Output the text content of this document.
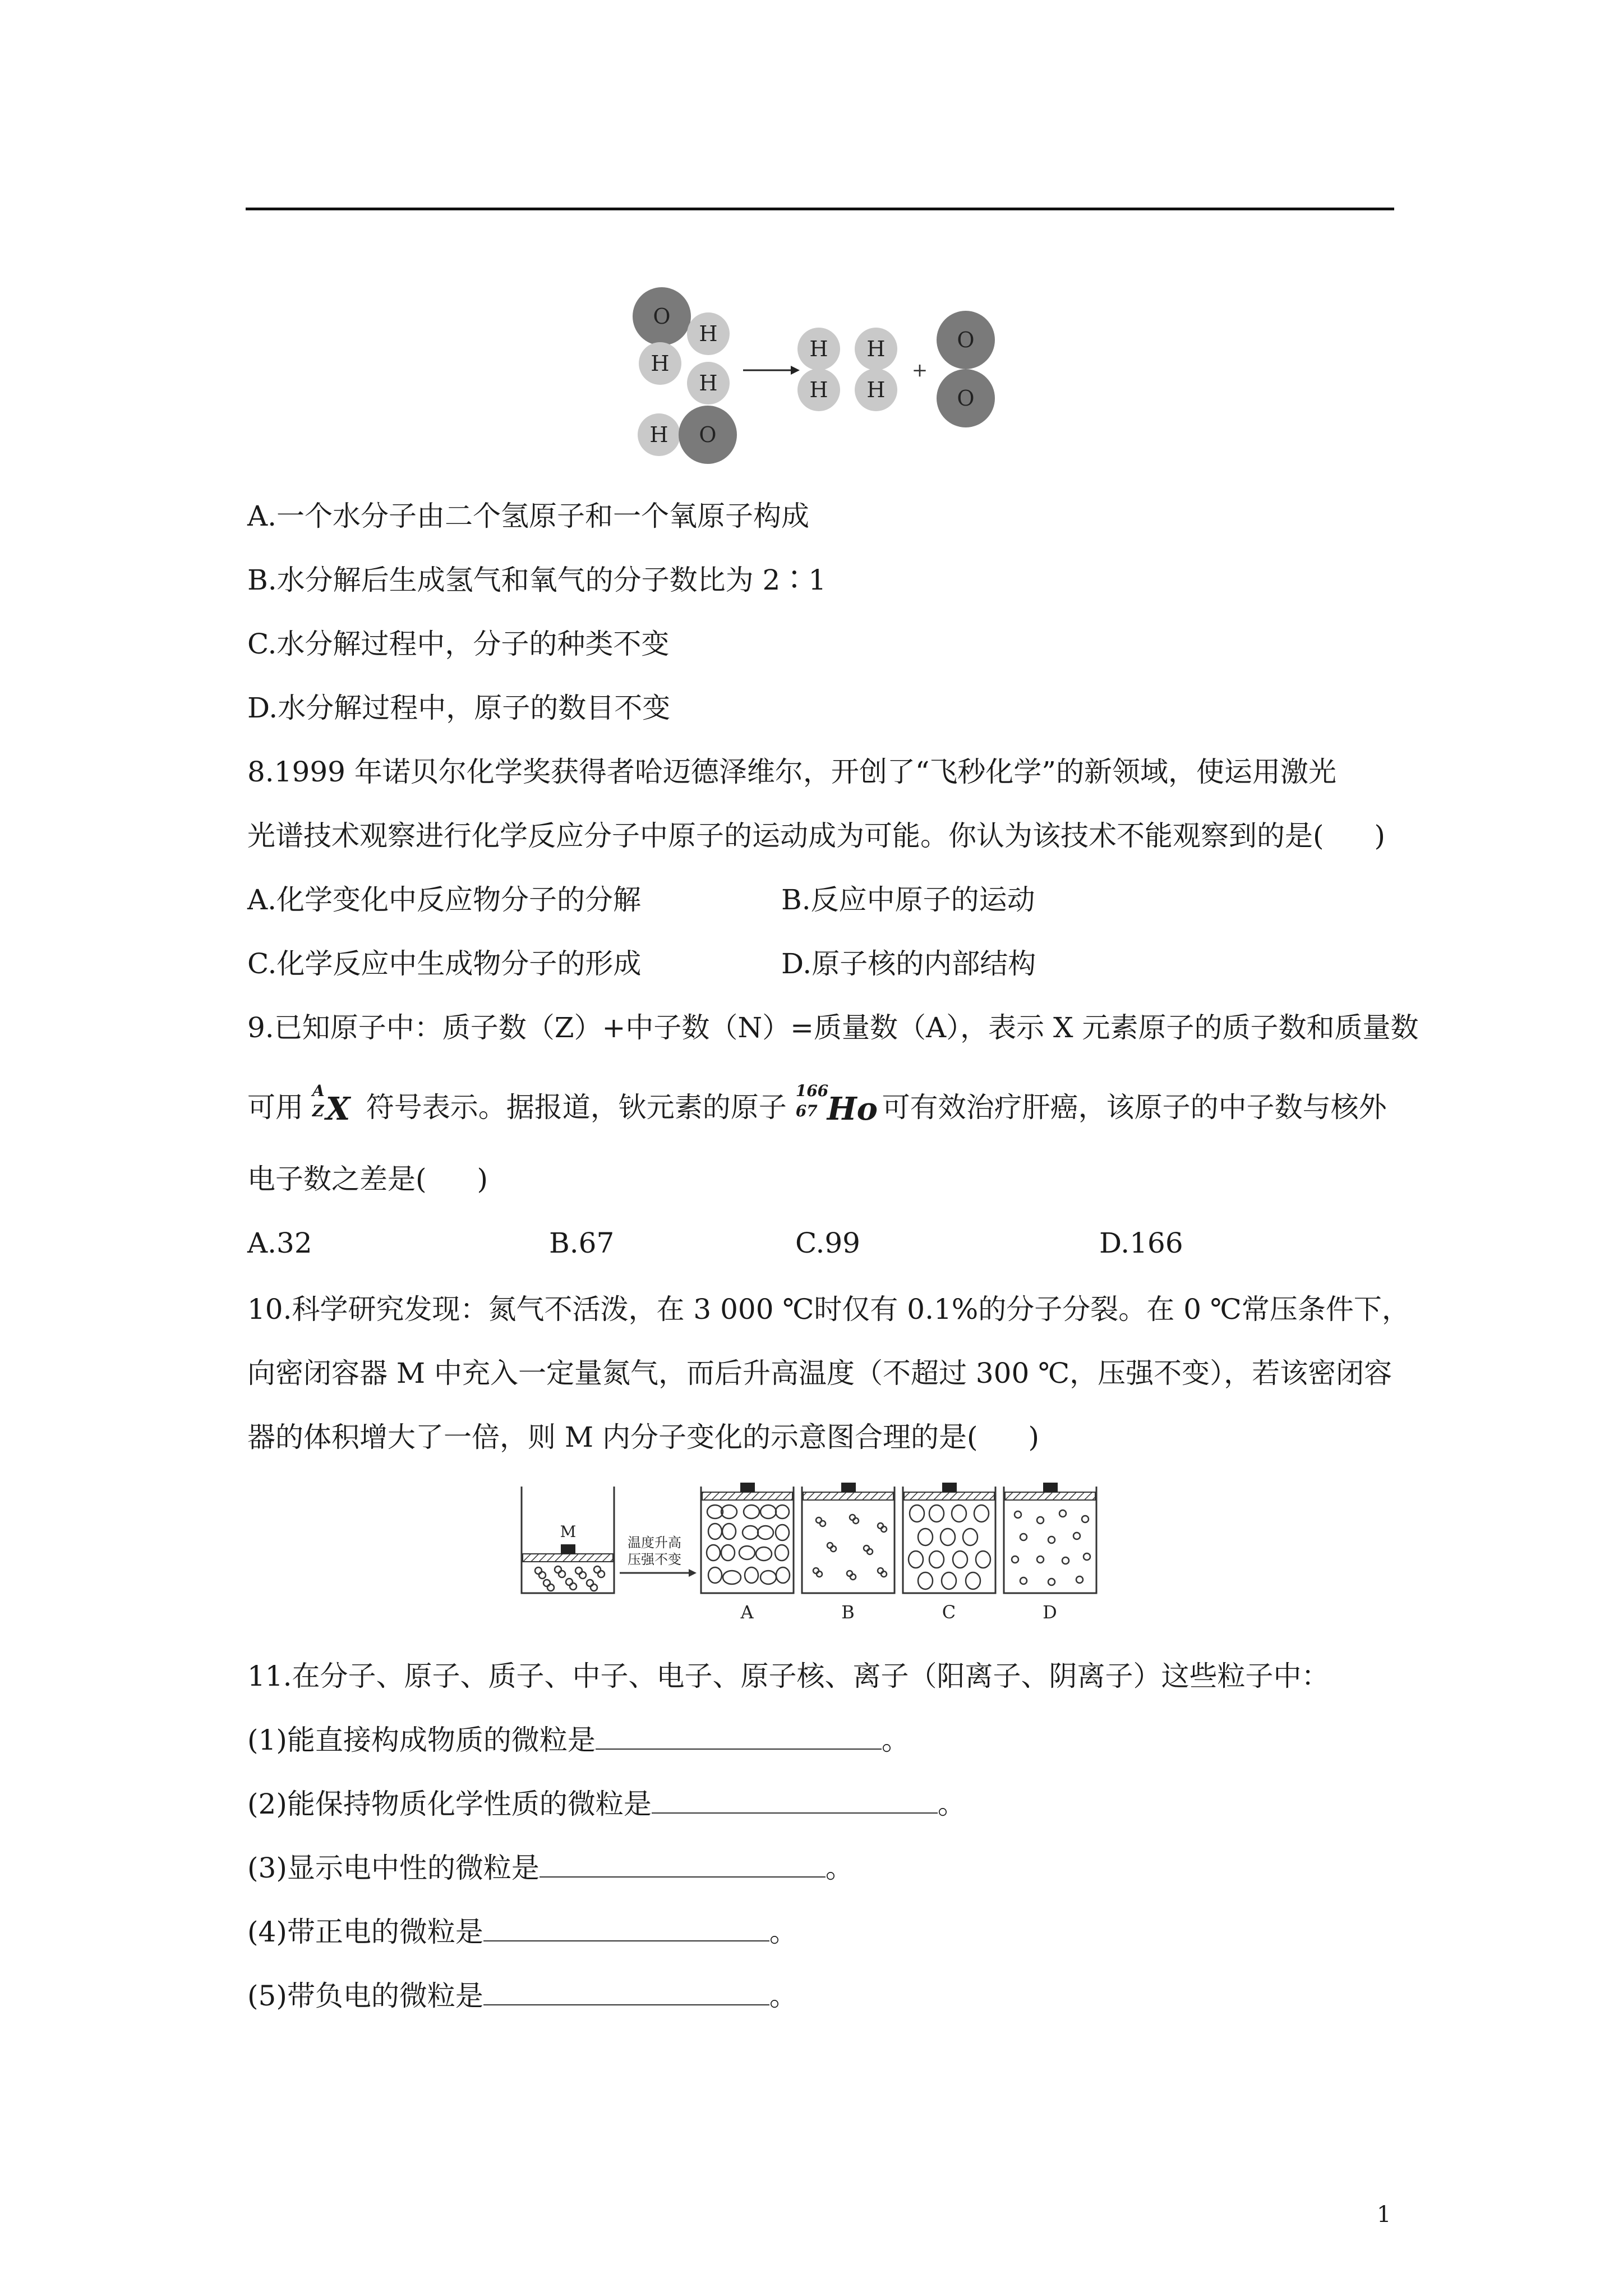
O
H
H
H
H O
H
H
H
H
+
O
O
A.一个水分子由二个氢原子和一个氧原子构成
B.水分解后生成氢气和氧气的分子数比为 2∶1
C.水分解过程中，分子的种类不变
D.水分解过程中，原子的数目不变
8.1999 年诺贝尔化学奖获得者哈迈德泽维尔，开创了“飞秒化学”的新领域，使运用激光
光谱技术观察进行化学反应分子中原子的运动成为可能。你认为该技术不能观察到的是( )
A.化学变化中反应物分子的分解	B.反应中原子的运动
C.化学反应中生成物分子的形成	D.原子核的内部结构
9.已知原子中：质子数（Z）+中子数（N）=质量数（A），表示 X 元素原子的质子数和质量数
可用
A
Z X 符号表示。据报道，钬元素的原子
166
67 Ho 可有效治疗肝癌，该原子的中子数与核外
电子数之差是( )
A.32	B.67	C.99	D.166
10.科学研究发现：氮气不活泼，在 3 000 ℃时仅有 0.1%的分子分裂。在 0 ℃常压条件下，
向密闭容器 M 中充入一定量氮气，而后升高温度（不超过 300 ℃，压强不变），若该密闭容
器的体积增大了一倍，则 M 内分子变化的示意图合理的是( )
M
温度升高
压强不变
A	B	C	D
11.在分子、原子、质子、中子、电子、原子核、离子（阳离子、阴离子）这些粒子中：
(1)能直接构成物质的微粒是	。
(2)能保持物质化学性质的微粒是	。
(3)显示电中性的微粒是	。
(4)带正电的微粒是	。
(5)带负电的微粒是	。
1
